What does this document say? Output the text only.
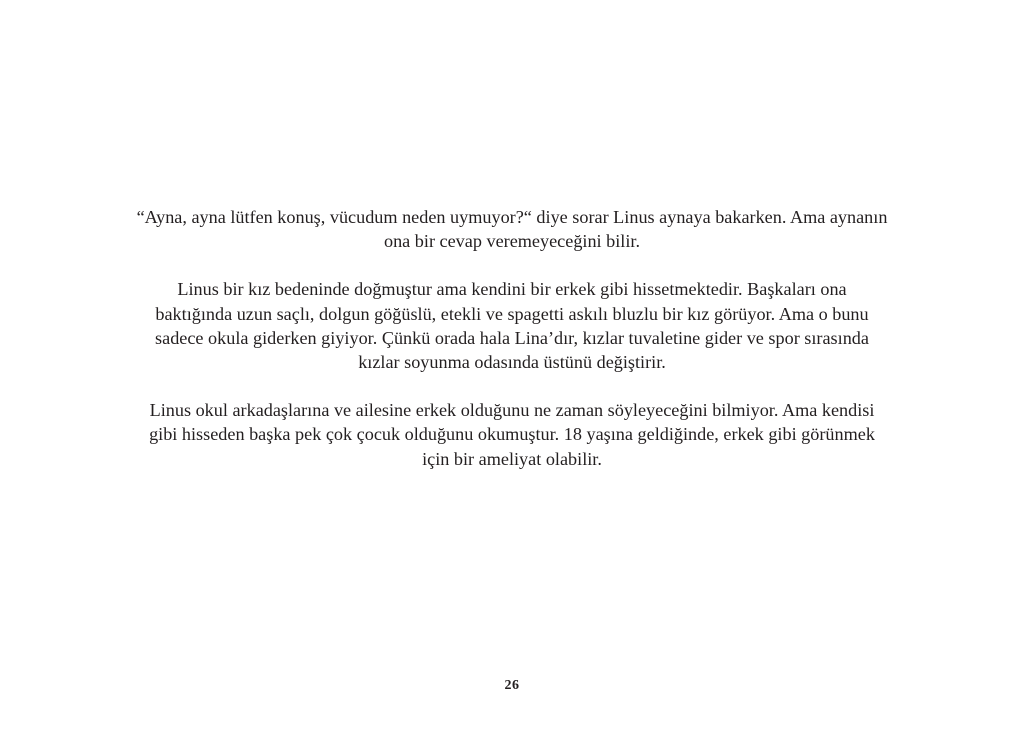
“Ayna, ayna lütfen konuş, vücudum neden uymuyor?“ diye sorar Linus aynaya bakarken. Ama aynanın
ona bir cevap veremeyeceğini bilir.

Linus bir kız bedeninde doğmuştur ama kendini bir erkek gibi hissetmektedir. Başkaları ona
baktığında uzun saçlı, dolgun göğüslü, etekli ve spagetti askılı bluzlu bir kız görüyor. Ama o bunu
sadece okula giderken giyiyor. Çünkü orada hala Lina’dır, kızlar tuvaletine gider ve spor sırasında
kızlar soyunma odasında üstünü değiştirir.

Linus okul arkadaşlarına ve ailesine erkek olduğunu ne zaman söyleyeceğini bilmiyor. Ama kendisi
gibi hisseden başka pek çok çocuk olduğunu okumuştur. 18 yaşına geldiğinde, erkek gibi görünmek
için bir ameliyat olabilir.

26
